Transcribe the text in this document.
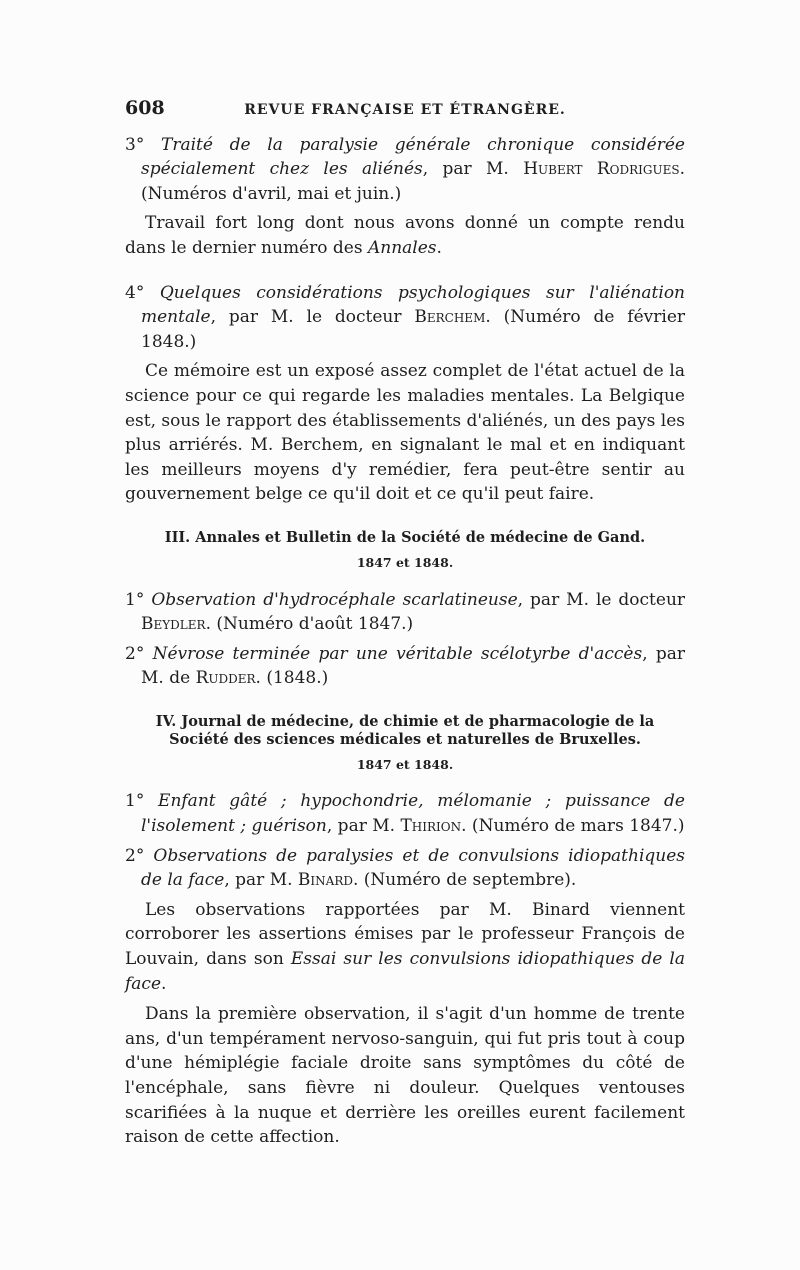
608	REVUE FRANÇAISE ET ÉTRANGÈRE.

3° Traité de la paralysie générale chronique considérée spécialement chez les aliénés, par M. Hubert Rodrigues. (Numéros d'avril, mai et juin.)

Travail fort long dont nous avons donné un compte rendu dans le dernier numéro des Annales.

4° Quelques considérations psychologiques sur l'aliénation mentale, par M. le docteur Berchem. (Numéro de février 1848.)

Ce mémoire est un exposé assez complet de l'état actuel de la science pour ce qui regarde les maladies mentales. La Belgique est, sous le rapport des établissements d'aliénés, un des pays les plus arriérés. M. Berchem, en signalant le mal et en indiquant les meilleurs moyens d'y remédier, fera peut-être sentir au gouvernement belge ce qu'il doit et ce qu'il peut faire.

III. Annales et Bulletin de la Société de médecine de Gand.
1847 et 1848.

1° Observation d'hydrocéphale scarlatineuse, par M. le docteur Beydler. (Numéro d'août 1847.)

2° Névrose terminée par une véritable scélotyrbe d'accès, par M. de Rudder. (1848.)

IV. Journal de médecine, de chimie et de pharmacologie de la Société des sciences médicales et naturelles de Bruxelles.
1847 et 1848.

1° Enfant gâté ; hypochondrie, mélomanie ; puissance de l'isolement ; guérison, par M. Thirion. (Numéro de mars 1847.)

2° Observations de paralysies et de convulsions idiopathiques de la face, par M. Binard. (Numéro de septembre).

Les observations rapportées par M. Binard viennent corroborer les assertions émises par le professeur François de Louvain, dans son Essai sur les convulsions idiopathiques de la face.

Dans la première observation, il s'agit d'un homme de trente ans, d'un tempérament nervoso-sanguin, qui fut pris tout à coup d'une hémiplégie faciale droite sans symptômes du côté de l'encéphale, sans fièvre ni douleur. Quelques ventouses scarifiées à la nuque et derrière les oreilles eurent facilement raison de cette affection.
